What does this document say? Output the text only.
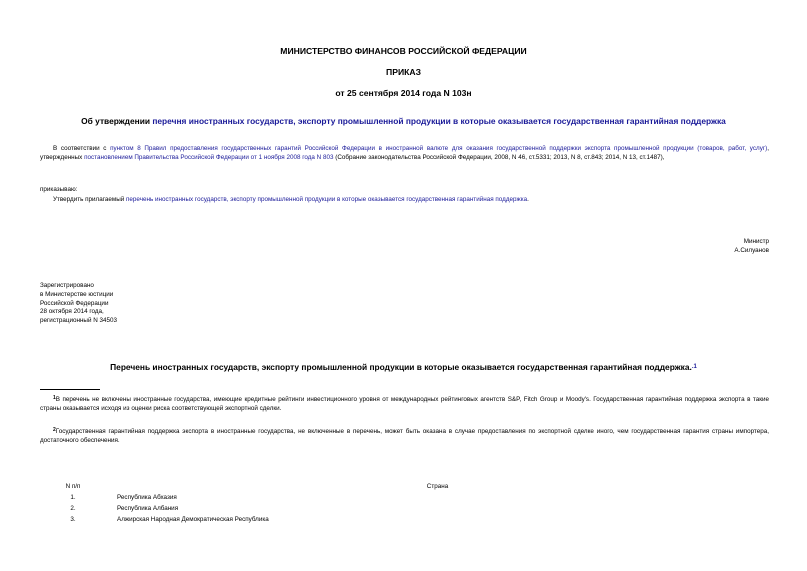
МИНИСТЕРСТВО ФИНАНСОВ РОССИЙСКОЙ ФЕДЕРАЦИИ
ПРИКАЗ
от 25 сентября 2014 года N 103н
Об утверждении перечня иностранных государств, экспорту промышленной продукции в которые оказывается государственная гарантийная поддержка
В соответствии с пунктом 8 Правил предоставления государственных гарантий Российской Федерации в иностранной валюте для оказания государственной поддержки экспорта промышленной продукции (товаров, работ, услуг), утвержденных постановлением Правительства Российской Федерации от 1 ноября 2008 года N 803 (Собрание законодательства Российской Федерации, 2008, N 46, ст.5331; 2013, N 8, ст.843; 2014, N 13, ст.1487),
приказываю:
Утвердить прилагаемый перечень иностранных государств, экспорту промышленной продукции в которые оказывается государственная гарантийная поддержка.
Министр
А.Силуанов
Зарегистрировано
в Министерстве юстиции
Российской Федерации
28 октября 2014 года,
регистрационный N 34503
Перечень иностранных государств, экспорту промышленной продукции в которые оказывается государственная гарантийная поддержка.$^{.1}$
$^1$В перечень не включены иностранные государства, имеющие кредитные рейтинги инвестиционного уровня от международных рейтинговых агентств S&P, Fitch Group и Moody's. Государственная гарантийная поддержка экспорта в такие страны оказывается исходя из оценки риска соответствующей экспортной сделки.
$^2$Государственная гарантийная поддержка экспорта в иностранные государства, не включенные в перечень, может быть оказана в случае предоставления по экспортной сделке иного, чем государственная гарантия страны импортера, достаточного обеспечения.
N п/п	Страна
1.	Республика Абхазия
2.	Республика Албания
3.	Алжирская Народная Демократическая Республика
